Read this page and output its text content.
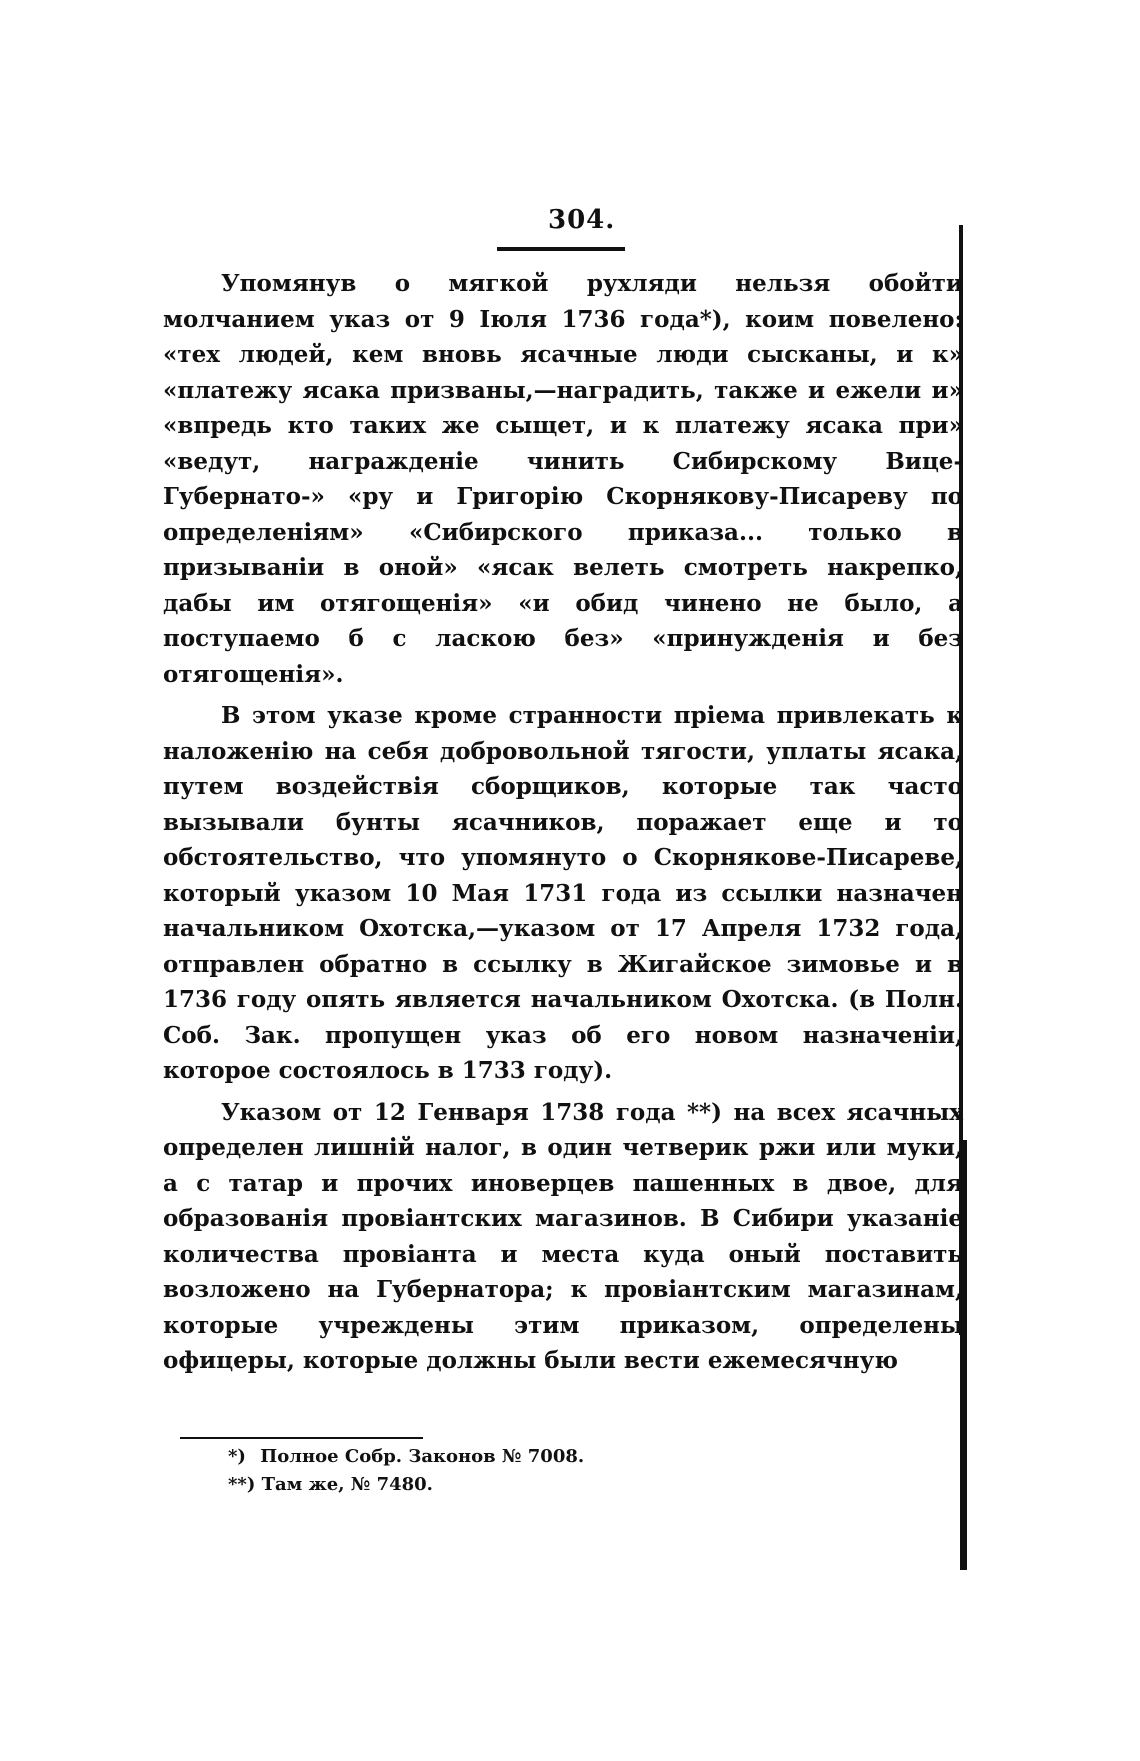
304.

Упомянув о мягкой рухляди нельзя обойти молчанием указ от 9 Іюля 1736 года*), коим повелено: «тех людей, кем вновь ясачные люди сысканы, и к» «платежу ясака призваны,—наградить, также и ежели и» «впредь кто таких же сыщет, и к платежу ясака при» «ведут, награжденіе чинить Сибирскому Вице-Губернато-» «ру и Григорію Скорнякову-Писареву по определеніям» «Сибирского приказа... только в призываніи в оной» «ясак велеть смотреть накрепко, дабы им отягощенія» «и обид чинено не было, а поступаемо б с ласкою без» «принужденія и без отягощенія».

В этом указе кроме странности пріема привлекать к наложенію на себя добровольной тягости, уплаты ясака, путем воздействія сборщиков, которые так часто вызывали бунты ясачников, поражает еще и то обстоятельство, что упомянуто о Скорнякове-Писареве, который указом 10 Мая 1731 года из ссылки назначен начальником Охотска,—указом от 17 Апреля 1732 года, отправлен обратно в ссылку в Жигайское зимовье и в 1736 году опять является начальником Охотска. (в Полн. Соб. Зак. пропущен указ об его новом назначеніи, которое состоялось в 1733 году).

Указом от 12 Генваря 1738 года **) на всех ясачных определен лишній налог, в один четверик ржи или муки, а с татар и прочих иноверцев пашенных в двое, для образованія провіантских магазинов. В Сибири указаніе количества провіанта и места куда оный поставить возложено на Губернатора; к провіантским магазинам, которые учреждены этим приказом, определены офицеры, которые должны были вести ежемесячную

*) Полное Собр. Законов № 7008.
**) Там же, № 7480.
